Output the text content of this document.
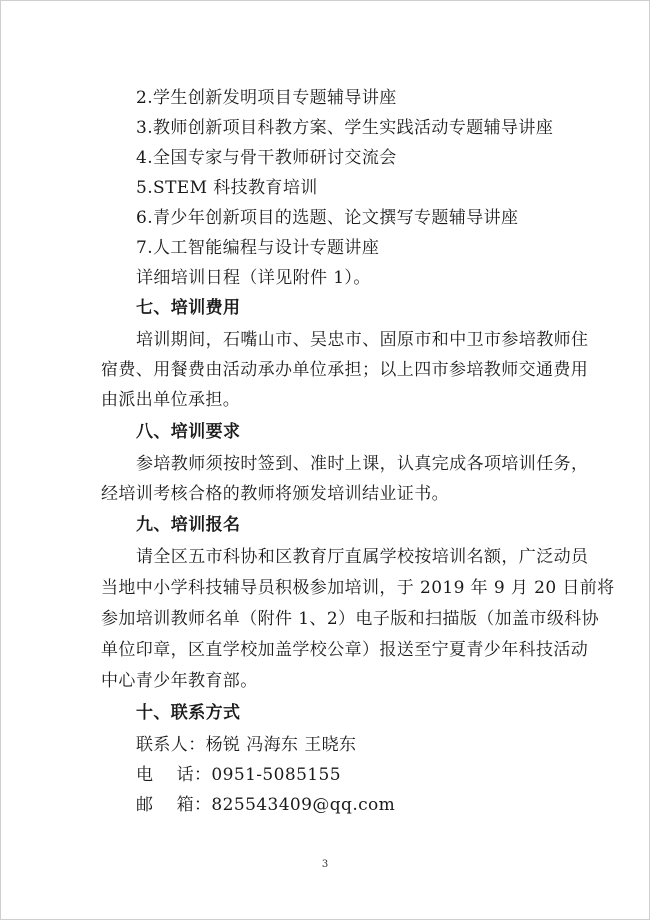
2.学生创新发明项目专题辅导讲座
3.教师创新项目科教方案、学生实践活动专题辅导讲座
4.全国专家与骨干教师研讨交流会
5.STEM 科技教育培训
6.青少年创新项目的选题、论文撰写专题辅导讲座
7.人工智能编程与设计专题讲座
详细培训日程（详见附件 1）。
七、培训费用
培训期间，石嘴山市、吴忠市、固原市和中卫市参培教师住
宿费、用餐费由活动承办单位承担；以上四市参培教师交通费用
由派出单位承担。
八、培训要求
参培教师须按时签到、准时上课，认真完成各项培训任务，
经培训考核合格的教师将颁发培训结业证书。
九、培训报名
请全区五市科协和区教育厅直属学校按培训名额，广泛动员
当地中小学科技辅导员积极参加培训，于 2019 年 9 月 20 日前将
参加培训教师名单（附件 1、2）电子版和扫描版（加盖市级科协
单位印章，区直学校加盖学校公章）报送至宁夏青少年科技活动
中心青少年教育部。
十、联系方式
联系人：杨锐 冯海东 王晓东
电    话：0951-5085155
邮    箱：825543409@qq.com
3
